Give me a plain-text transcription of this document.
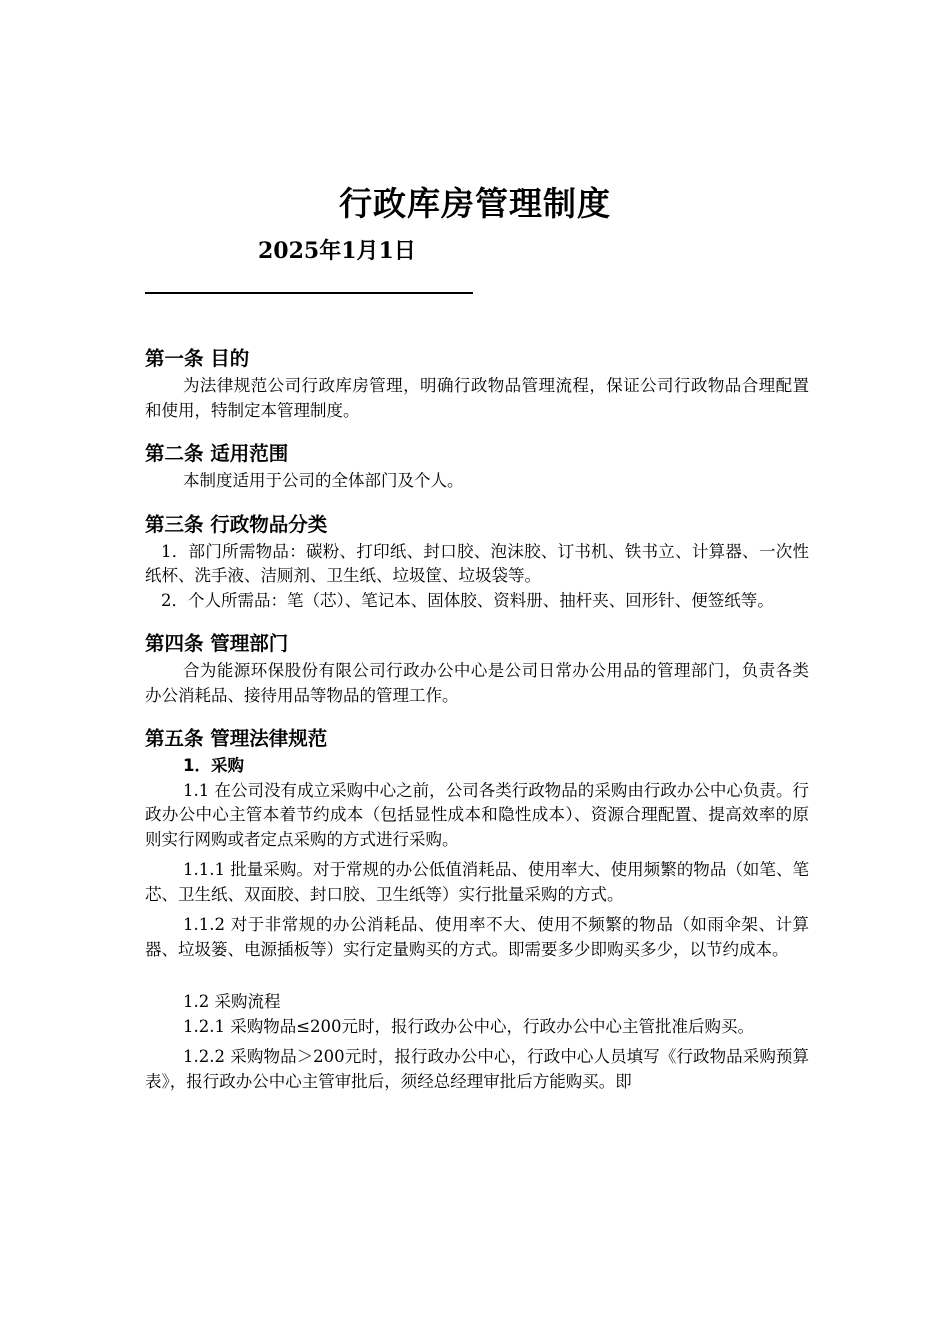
行政库房管理制度
2025年1月1日

第一条 目的

为法律规范公司行政库房管理，明确行政物品管理流程，保证公司行政物品合理配置和使用，特制定本管理制度。

第二条 适用范围

本制度适用于公司的全体部门及个人。

第三条 行政物品分类

1．部门所需物品：碳粉、打印纸、封口胶、泡沫胶、订书机、铁书立、计算器、一次性纸杯、洗手液、洁厕剂、卫生纸、垃圾筐、垃圾袋等。

2．个人所需品：笔（芯）、笔记本、固体胶、资料册、抽杆夹、回形针、便签纸等。

第四条 管理部门

合为能源环保股份有限公司行政办公中心是公司日常办公用品的管理部门，负责各类办公消耗品、接待用品等物品的管理工作。

第五条 管理法律规范

1．采购

1.1 在公司没有成立采购中心之前，公司各类行政物品的采购由行政办公中心负责。行政办公中心主管本着节约成本（包括显性成本和隐性成本）、资源合理配置、提高效率的原则实行网购或者定点采购的方式进行采购。

1.1.1 批量采购。对于常规的办公低值消耗品、使用率大、使用频繁的物品（如笔、笔芯、卫生纸、双面胶、封口胶、卫生纸等）实行批量采购的方式。

1.1.2 对于非常规的办公消耗品、使用率不大、使用不频繁的物品（如雨伞架、计算器、垃圾篓、电源插板等）实行定量购买的方式。即需要多少即购买多少，以节约成本。

1.2 采购流程

1.2.1 采购物品≤200元时，报行政办公中心，行政办公中心主管批准后购买。

1.2.2 采购物品＞200元时，报行政办公中心，行政中心人员填写《行政物品采购预算表》，报行政办公中心主管审批后，须经总经理审批后方能购买。即
